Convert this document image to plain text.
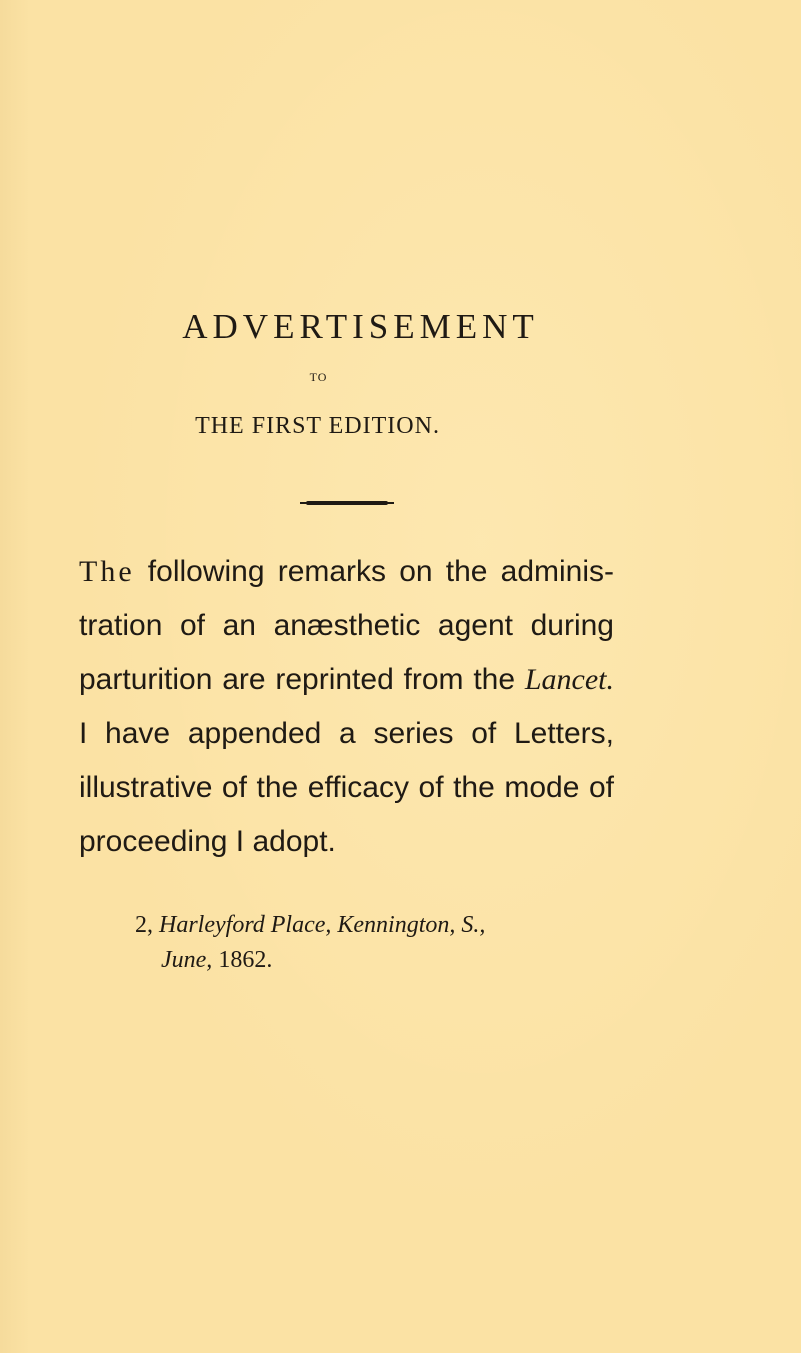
ADVERTISEMENT
TO
THE FIRST EDITION.
The following remarks on the adminis-
tration of an anæsthetic agent during
parturition are reprinted from the Lancet.
I have appended a series of Letters,
illustrative of the efficacy of the mode of
proceeding I adopt.
2, Harleyford Place, Kennington, S.,
June, 1862.
